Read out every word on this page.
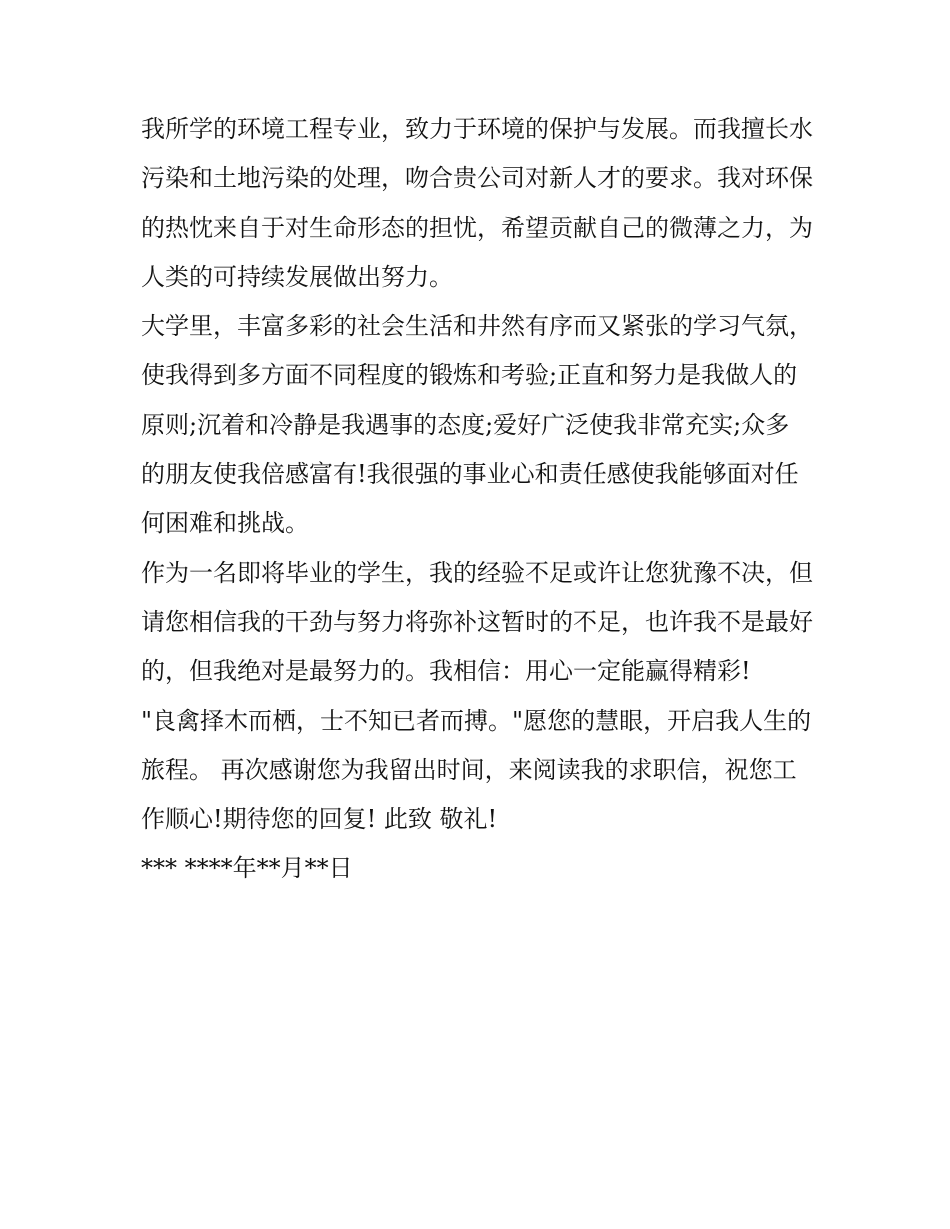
我所学的环境工程专业，致力于环境的保护与发展。而我擅长水污染和土地污染的处理，吻合贵公司对新人才的要求。我对环保的热忱来自于对生命形态的担忧，希望贡献自己的微薄之力，为人类的可持续发展做出努力。

大学里，丰富多彩的社会生活和井然有序而又紧张的学习气氛，使我得到多方面不同程度的锻炼和考验;正直和努力是我做人的原则;沉着和冷静是我遇事的态度;爱好广泛使我非常充实;众多的朋友使我倍感富有!我很强的事业心和责任感使我能够面对任何困难和挑战。

作为一名即将毕业的学生，我的经验不足或许让您犹豫不决，但请您相信我的干劲与努力将弥补这暂时的不足，也许我不是最好的，但我绝对是最努力的。我相信：用心一定能赢得精彩!

"良禽择木而栖，士不知已者而搏。"愿您的慧眼，开启我人生的旅程。 再次感谢您为我留出时间，来阅读我的求职信，祝您工作顺心!期待您的回复! 此致 敬礼!

*** ****年**月**日
